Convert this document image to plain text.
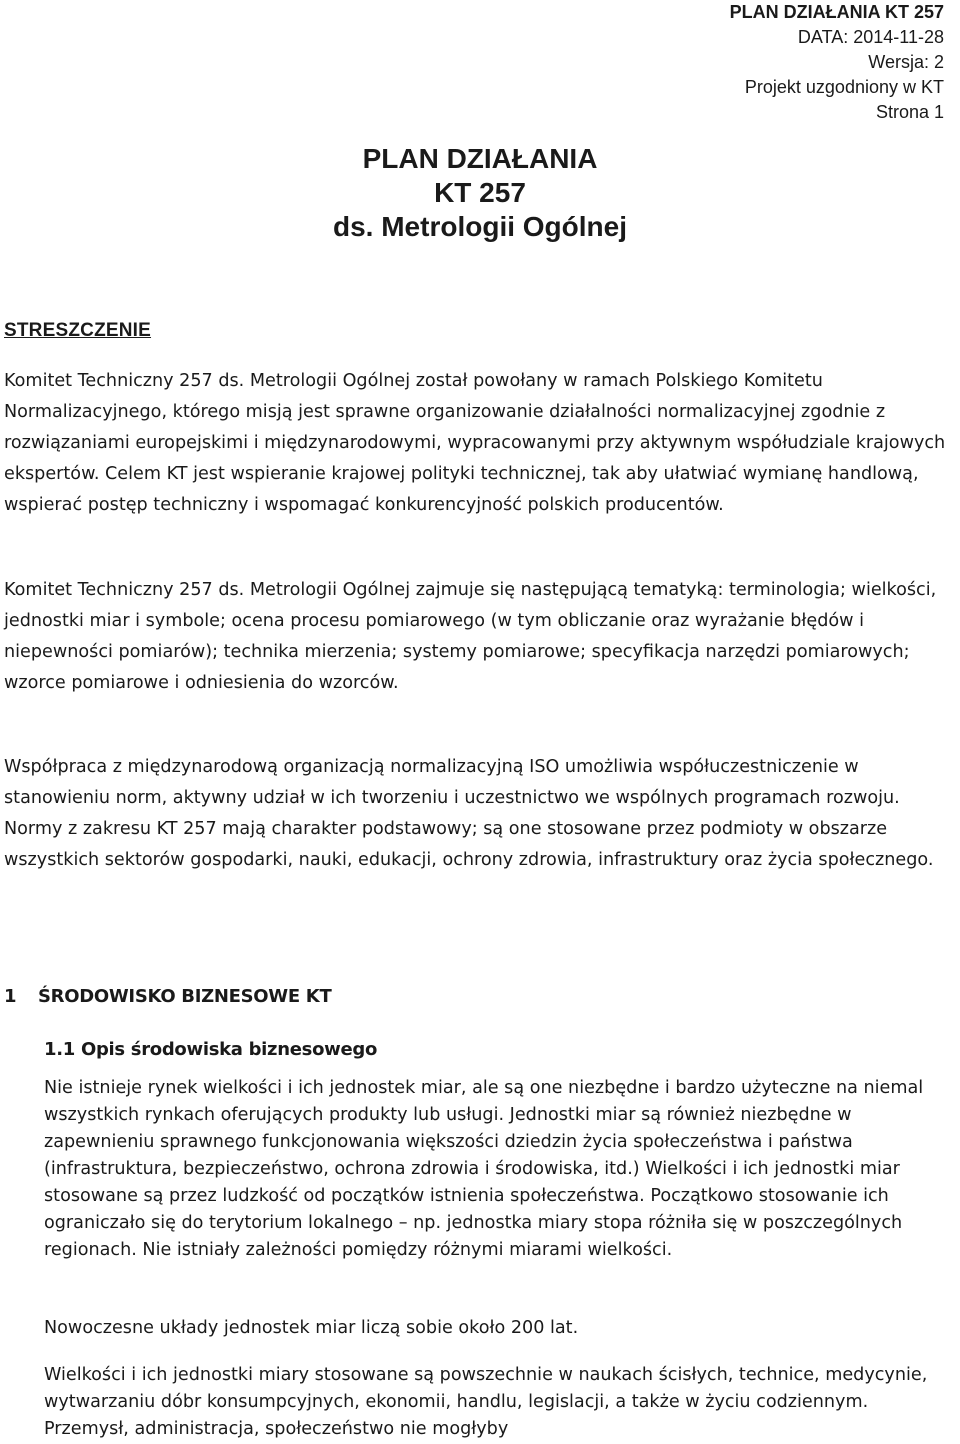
PLAN DZIAŁANIA KT 257
DATA: 2014-11-28
Wersja: 2
Projekt uzgodniony w KT
Strona 1
PLAN DZIAŁANIA
KT 257
ds. Metrologii Ogólnej
STRESZCZENIE

Komitet Techniczny 257 ds. Metrologii Ogólnej został powołany w ramach Polskiego Komitetu Normalizacyjnego, którego misją jest sprawne organizowanie działalności normalizacyjnej zgodnie z rozwiązaniami europejskimi i międzynarodowymi, wypracowanymi przy aktywnym współudziale krajowych ekspertów. Celem KT jest wspieranie krajowej polityki technicznej, tak aby ułatwiać wymianę handlową, wspierać postęp techniczny i wspomagać konkurencyjność polskich producentów.

Komitet Techniczny 257 ds. Metrologii Ogólnej zajmuje się następującą tematyką: terminologia; wielkości, jednostki miar i symbole; ocena procesu pomiarowego (w tym obliczanie oraz wyrażanie błędów i niepewności pomiarów); technika mierzenia; systemy pomiarowe; specyfikacja narzędzi pomiarowych; wzorce pomiarowe i odniesienia do wzorców.

Współpraca z międzynarodową organizacją normalizacyjną ISO umożliwia współuczestniczenie w stanowieniu norm, aktywny udział w ich tworzeniu i uczestnictwo we wspólnych programach rozwoju. Normy z zakresu KT 257 mają charakter podstawowy; są one stosowane przez podmioty w obszarze wszystkich sektorów gospodarki, nauki, edukacji, ochrony zdrowia, infrastruktury oraz życia społecznego.

1 ŚRODOWISKO BIZNESOWE KT
1.1 Opis środowiska biznesowego

Nie istnieje rynek wielkości i ich jednostek miar, ale są one niezbędne i bardzo użyteczne na niemal wszystkich rynkach oferujących produkty lub usługi. Jednostki miar są również niezbędne w zapewnieniu sprawnego funkcjonowania większości dziedzin życia społeczeństwa i państwa (infrastruktura, bezpieczeństwo, ochrona zdrowia i środowiska, itd.) Wielkości i ich jednostki miar stosowane są przez ludzkość od początków istnienia społeczeństwa. Początkowo stosowanie ich ograniczało się do terytorium lokalnego – np. jednostka miary stopa różniła się w poszczególnych regionach. Nie istniały zależności pomiędzy różnymi miarami wielkości.

Nowoczesne układy jednostek miar liczą sobie około 200 lat.

Wielkości i ich jednostki miary stosowane są powszechnie w naukach ścisłych, technice, medycynie, wytwarzaniu dóbr konsumpcyjnych, ekonomii, handlu, legislacji, a także w życiu codziennym. Przemysł, administracja, społeczeństwo nie mogłyby
